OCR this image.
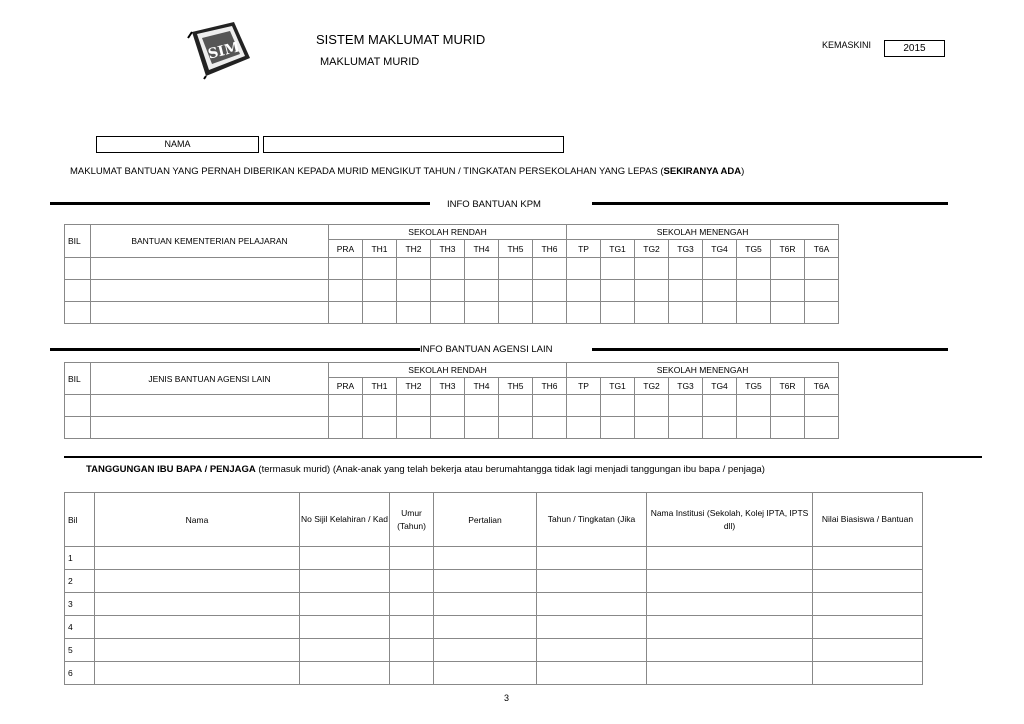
SIM	SISTEM MAKLUMAT MURID
MAKLUMAT MURID
KEMASKINI	2015
NAMA
MAKLUMAT BANTUAN YANG PERNAH DIBERIKAN KEPADA MURID MENGIKUT TAHUN / TINGKATAN PERSEKOLAHAN YANG LEPAS (SEKIRANYA ADA)
INFO BANTUAN KPM
BIL	BANTUAN KEMENTERIAN PELAJARAN	SEKOLAH RENDAH							SEKOLAH MENENGAH							
		PRA	TH1	TH2	TH3	TH4	TH5	TH6	TP	TG1	TG2	TG3	TG4	TG5	T6R	T6A

INFO BANTUAN AGENSI LAIN
BIL	JENIS BANTUAN AGENSI LAIN	SEKOLAH RENDAH							SEKOLAH MENENGAH							
		PRA	TH1	TH2	TH3	TH4	TH5	TH6	TP	TG1	TG2	TG3	TG4	TG5	T6R	T6A

TANGGUNGAN IBU BAPA / PENJAGA (termasuk murid) (Anak-anak yang telah bekerja atau berumahtangga tidak lagi menjadi tanggungan ibu bapa / penjaga)
Bil	Nama	No Sijil Kelahiran / Kad	Umur (Tahun)	Pertalian	Tahun / Tingkatan (Jika	Nama Institusi (Sekolah, Kolej IPTA, IPTS dll)	Nilai Biasiswa / Bantuan
1							
2							
3							
4							
5							
6							
3
